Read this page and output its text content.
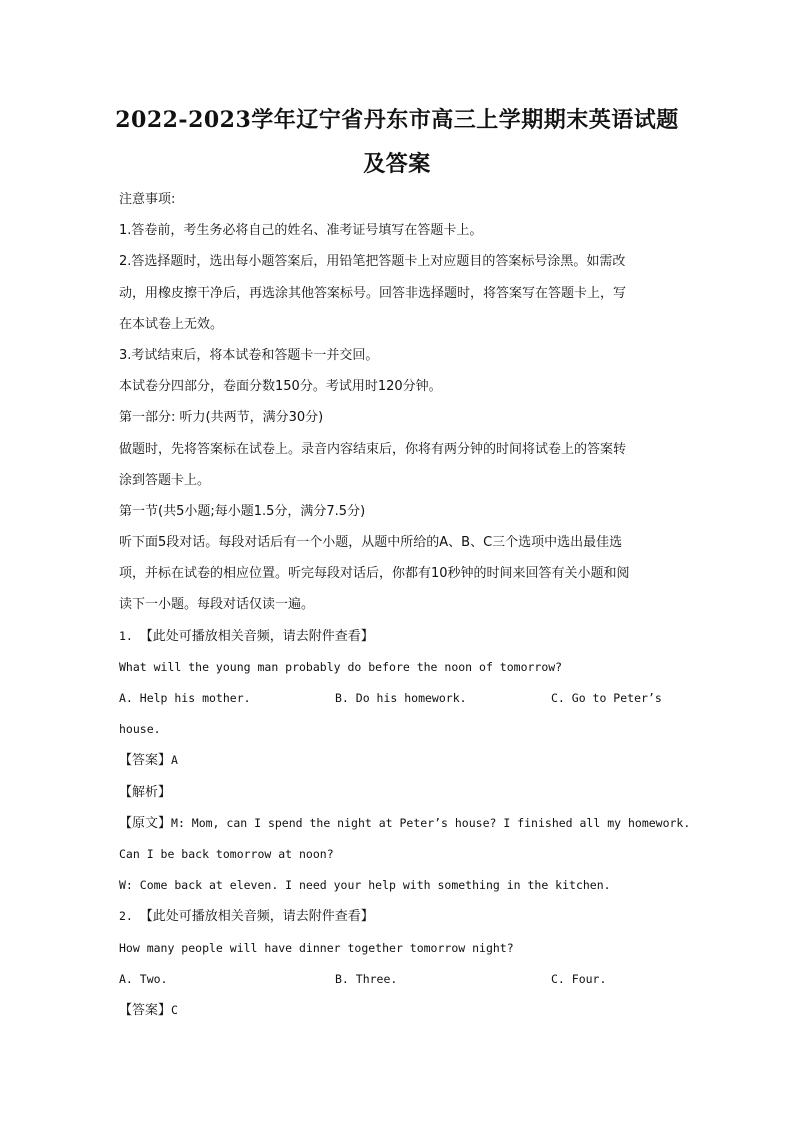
2022-2023学年辽宁省丹东市高三上学期期末英语试题及答案
注意事项:
1.答卷前，考生务必将自己的姓名、准考证号填写在答题卡上。
2.答选择题时，选出每小题答案后，用铅笔把答题卡上对应题目的答案标号涂黑。如需改
动，用橡皮擦干净后，再选涂其他答案标号。回答非选择题时，将答案写在答题卡上，写
在本试卷上无效。
3.考试结束后，将本试卷和答题卡一并交回。
本试卷分四部分，卷面分数150分。考试用时120分钟。
第一部分: 听力(共两节，满分30分)
做题时，先将答案标在试卷上。录音内容结束后，你将有两分钟的时间将试卷上的答案转
涂到答题卡上。
第一节(共5小题;每小题1.5分，满分7.5分)
听下面5段对话。每段对话后有一个小题，从题中所给的A、B、C三个选项中选出最佳选
项，并标在试卷的相应位置。听完每段对话后，你都有10秒钟的时间来回答有关小题和阅
读下一小题。每段对话仅读一遍。
1. 【此处可播放相关音频，请去附件查看】
What will the young man probably do before the noon of tomorrow?
A. Help his mother.	B. Do his homework.	C. Go to Peter’s
house.
【答案】A
【解析】
【原文】M: Mom, can I spend the night at Peter’s house? I finished all my homework.
Can I be back tomorrow at noon?
W: Come back at eleven. I need your help with something in the kitchen.
2. 【此处可播放相关音频，请去附件查看】
How many people will have dinner together tomorrow night?
A. Two.	B. Three.	C. Four.
【答案】C
